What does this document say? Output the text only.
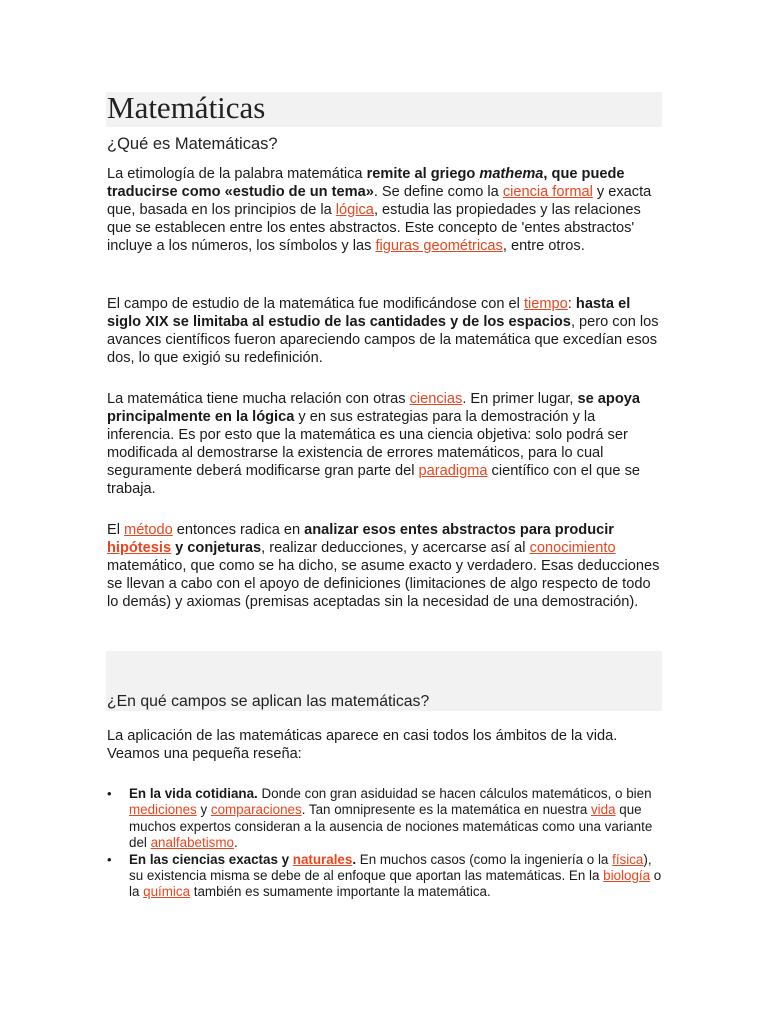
Matemáticas
¿Qué es Matemáticas?

La etimología de la palabra matemática remite al griego mathema, que puede traducirse como «estudio de un tema». Se define como la ciencia formal y exacta que, basada en los principios de la lógica, estudia las propiedades y las relaciones que se establecen entre los entes abstractos. Este concepto de 'entes abstractos' incluye a los números, los símbolos y las figuras geométricas, entre otros.

El campo de estudio de la matemática fue modificándose con el tiempo: hasta el siglo XIX se limitaba al estudio de las cantidades y de los espacios, pero con los avances científicos fueron apareciendo campos de la matemática que excedían esos dos, lo que exigió su redefinición.

La matemática tiene mucha relación con otras ciencias. En primer lugar, se apoya principalmente en la lógica y en sus estrategias para la demostración y la inferencia. Es por esto que la matemática es una ciencia objetiva: solo podrá ser modificada al demostrarse la existencia de errores matemáticos, para lo cual seguramente deberá modificarse gran parte del paradigma científico con el que se trabaja.

El método entonces radica en analizar esos entes abstractos para producir hipótesis y conjeturas, realizar deducciones, y acercarse así al conocimiento matemático, que como se ha dicho, se asume exacto y verdadero. Esas deducciones se llevan a cabo con el apoyo de definiciones (limitaciones de algo respecto de todo lo demás) y axiomas (premisas aceptadas sin la necesidad de una demostración).

¿En qué campos se aplican las matemáticas?

La aplicación de las matemáticas aparece en casi todos los ámbitos de la vida. Veamos una pequeña reseña:

• En la vida cotidiana. Donde con gran asiduidad se hacen cálculos matemáticos, o bien mediciones y comparaciones. Tan omnipresente es la matemática en nuestra vida que muchos expertos consideran a la ausencia de nociones matemáticas como una variante del analfabetismo.
• En las ciencias exactas y naturales. En muchos casos (como la ingeniería o la física), su existencia misma se debe de al enfoque que aportan las matemáticas. En la biología o la química también es sumamente importante la matemática.
